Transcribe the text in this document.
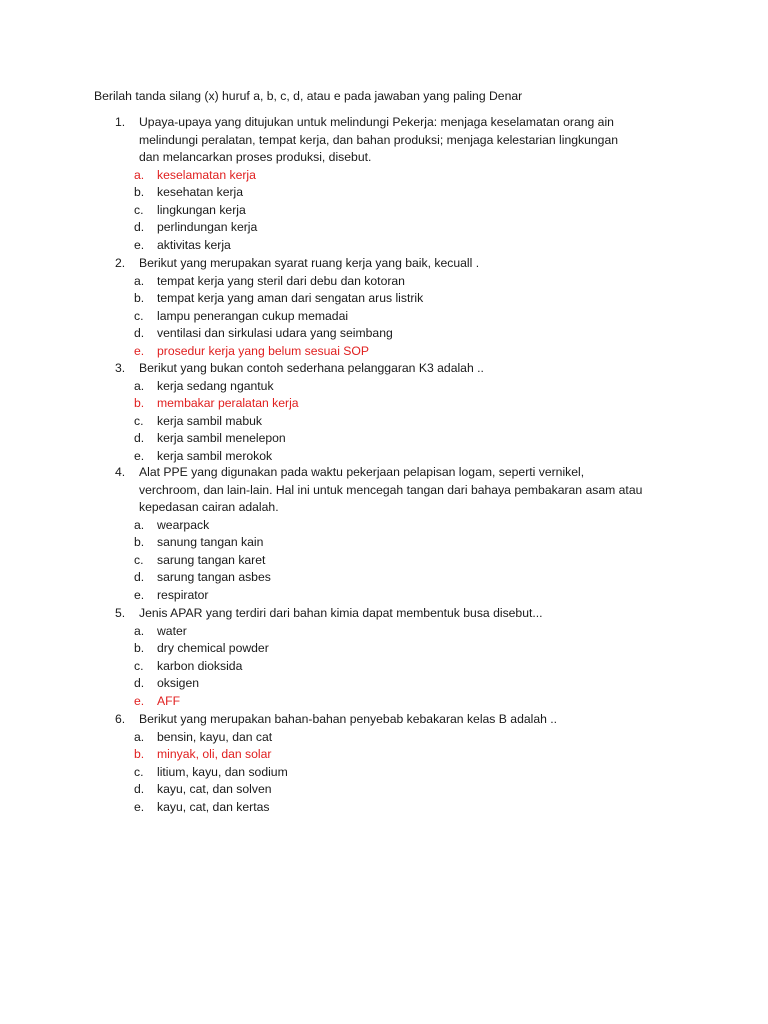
Berilah tanda silang (x) huruf a, b, c, d, atau e pada jawaban yang paling Denar
1. Upaya-upaya yang ditujukan untuk melindungi Pekerja: menjaga keselamatan orang ain
melindungi peralatan, tempat kerja, dan bahan produksi; menjaga kelestarian lingkungan
dan melancarkan proses produksi, disebut.
a. keselamatan kerja
b. kesehatan kerja
c. lingkungan kerja
d. perlindungan kerja
e. aktivitas kerja
2. Berikut yang merupakan syarat ruang kerja yang baik, kecuall .
a. tempat kerja yang steril dari debu dan kotoran
b. tempat kerja yang aman dari sengatan arus listrik
c. lampu penerangan cukup memadai
d. ventilasi dan sirkulasi udara yang seimbang
e. prosedur kerja yang belum sesuai SOP
3. Berikut yang bukan contoh sederhana pelanggaran K3 adalah ..
a. kerja sedang ngantuk
b. membakar peralatan kerja
c. kerja sambil mabuk
d. kerja sambil menelepon
e. kerja sambil merokok
4. Alat PPE yang digunakan pada waktu pekerjaan pelapisan logam, seperti vernikel,
verchroom, dan lain-lain. Hal ini untuk mencegah tangan dari bahaya pembakaran asam atau
kepedasan cairan adalah.
a. wearpack
b. sanung tangan kain
c. sarung tangan karet
d. sarung tangan asbes
e. respirator
5. Jenis APAR yang terdiri dari bahan kimia dapat membentuk busa disebut...
a. water
b. dry chemical powder
c. karbon dioksida
d. oksigen
e. AFF
6. Berikut yang merupakan bahan-bahan penyebab kebakaran kelas B adalah ..
a. bensin, kayu, dan cat
b. minyak, oli, dan solar
c. litium, kayu, dan sodium
d. kayu, cat, dan solven
e. kayu, cat, dan kertas
